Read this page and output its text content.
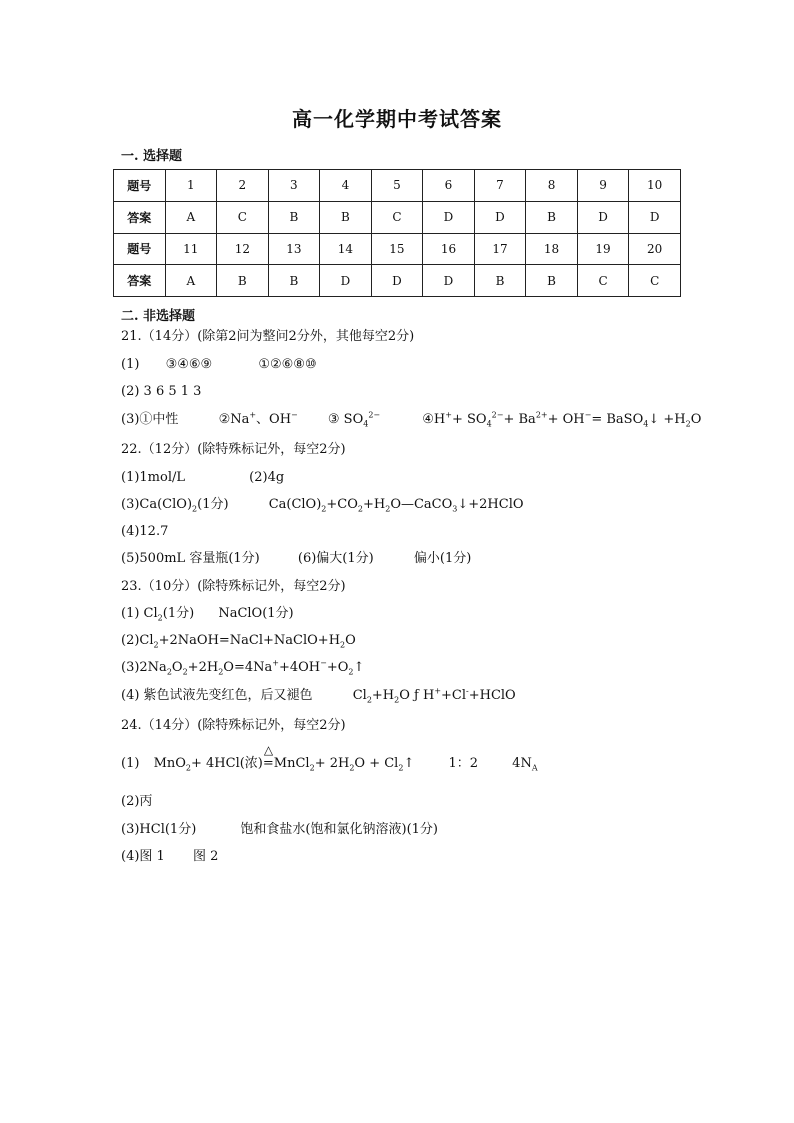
高一化学期中考试答案
一. 选择题
题号	1	2	3	4	5	6	7	8	9	10
答案	A	C	B	B	C	D	D	B	D	D
题号	11	12	13	14	15	16	17	18	19	20
答案	A	B	B	D	D	D	B	B	C	C
二. 非选择题
21.（14分）(除第2问为整问2分外，其他每空2分)
(1) ③④⑥⑨	①②⑥⑧⑩
(2) 3 6 5 1 3
(3)①中性	②Na+、OH− ③ $SO_4^{2-}$	④H++ $SO_4^{2-}+ Ba^{2+}+ OH^-=$ BaSO$_4$↓ $+H_2O$
22.（12分）(除特殊标记外，每空2分)
(1)1mol/L	(2)4g
$(3)Ca(ClO)_2(1$分)	$Ca(ClO)_2+CO_2+H_2O—CaCO_3↓+2HClO$
(4)12.7
(5)500mL 容量瓶(1分)	(6)偏大(1分)	偏小(1分)
23.（10分）(除特殊标记外，每空2分)
(1) $Cl_2(1$分) NaClO(1分)
$(2)Cl_2+2NaOH=NaCl+NaClO+H_2O$
$(3)2Na_2O_2+2H_2O=4Na^++4OH^-+O_2↑$
(4) 紫色试液先变红色，后又褪色	$Cl_2+H_2O$ ƒ H++Cl-+HClO
24.（14分）(除特殊标记外，每空2分)
(1) MnO$_2$+ 4HCl(浓)
△
=MnCl$_2$+ $2H_2O$ + $Cl_2↑$	1：2	$4N_A$
(2)丙
(3)HCl(1分)	饱和食盐水(饱和氯化钠溶液)(1分)
(4)图 1 图 2
